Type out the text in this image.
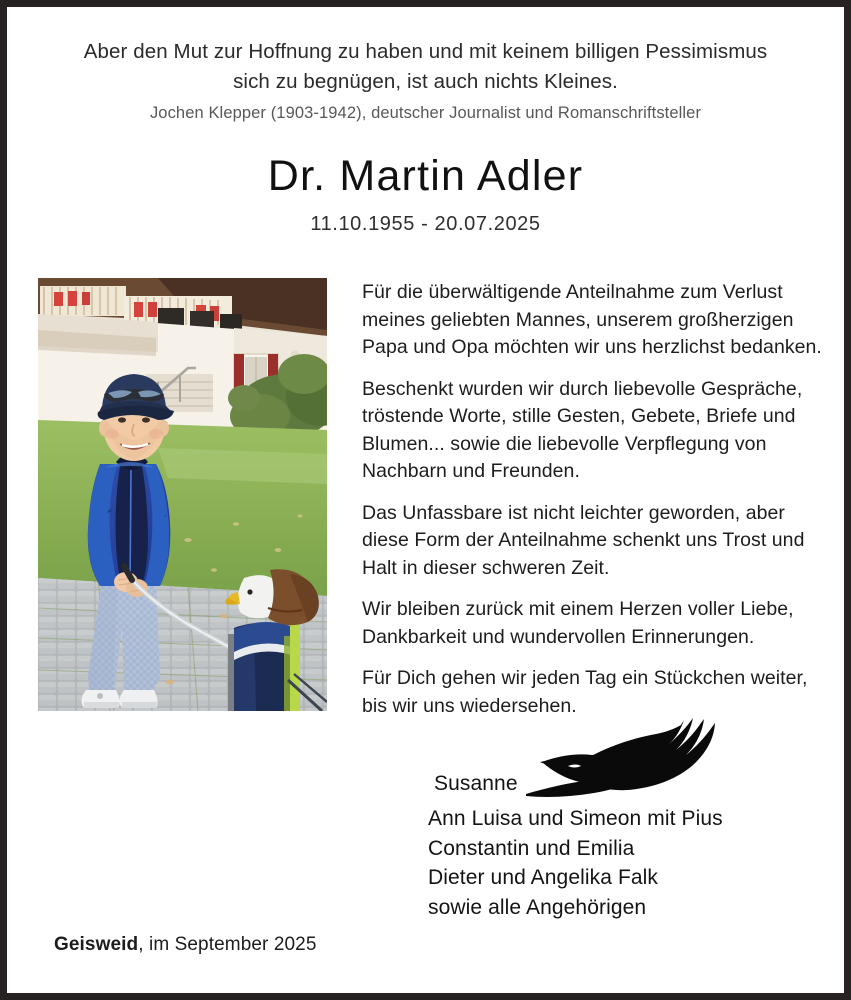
Aber den Mut zur Hoffnung zu haben und mit keinem billigen Pessimismus
sich zu begnügen, ist auch nichts Kleines.
Jochen Klepper (1903-1942), deutscher Journalist und Romanschriftsteller
Dr. Martin Adler
11.10.1955 - 20.07.2025

Für die überwältigende Anteilnahme zum Verlust meines geliebten Mannes, unserem großherzigen Papa und Opa möchten wir uns herzlichst bedanken.

Beschenkt wurden wir durch liebevolle Gespräche, tröstende Worte, stille Gesten, Gebete, Briefe und Blumen... sowie die liebevolle Verpflegung von Nachbarn und Freunden.

Das Unfassbare ist nicht leichter geworden, aber diese Form der Anteilnahme schenkt uns Trost und Halt in dieser schweren Zeit.

Wir bleiben zurück mit einem Herzen voller Liebe, Dankbarkeit und wundervollen Erinnerungen.

Für Dich gehen wir jeden Tag ein Stückchen weiter, bis wir uns wiedersehen.

Susanne
Ann Luisa und Simeon mit Pius
Constantin und Emilia
Dieter und Angelika Falk
sowie alle Angehörigen
Geisweid, im September 2025
